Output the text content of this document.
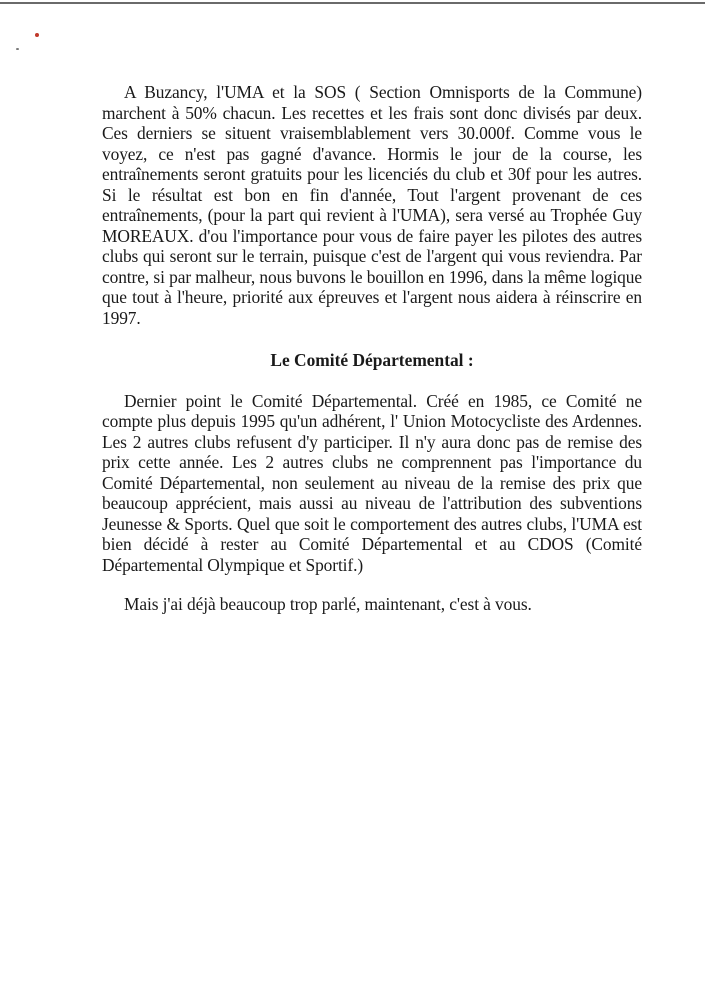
A Buzancy, l'UMA et la SOS ( Section Omnisports de la Commune) marchent à 50% chacun. Les recettes et les frais sont donc divisés par deux. Ces derniers se situent vraisemblablement vers 30.000f. Comme vous le voyez, ce n'est pas gagné d'avance. Hormis le jour de la course, les entraînements seront gratuits pour les licenciés du club et 30f pour les autres. Si le résultat est bon en fin d'année, Tout l'argent provenant de ces entraînements, (pour la part qui revient à l'UMA), sera versé au Trophée Guy MOREAUX. d'ou l'importance pour vous de faire payer les pilotes des autres clubs qui seront sur le terrain, puisque c'est de l'argent qui vous reviendra. Par contre, si par malheur, nous buvons le bouillon en 1996, dans la même logique que tout à l'heure, priorité aux épreuves et l'argent nous aidera à réinscrire en 1997.

Le Comité Départemental :

Dernier point le Comité Départemental. Créé en 1985, ce Comité ne compte plus depuis 1995 qu'un adhérent, l' Union Motocycliste des Ardennes. Les 2 autres clubs refusent d'y participer. Il n'y aura donc pas de remise des prix cette année. Les 2 autres clubs ne comprennent pas l'importance du Comité Départemental, non seulement au niveau de la remise des prix que beaucoup apprécient, mais aussi au niveau de l'attribution des subventions Jeunesse & Sports. Quel que soit le comportement des autres clubs, l'UMA est bien décidé à rester au Comité Départemental et au CDOS (Comité Départemental Olympique et Sportif.)

Mais j'ai déjà beaucoup trop parlé, maintenant, c'est à vous.
